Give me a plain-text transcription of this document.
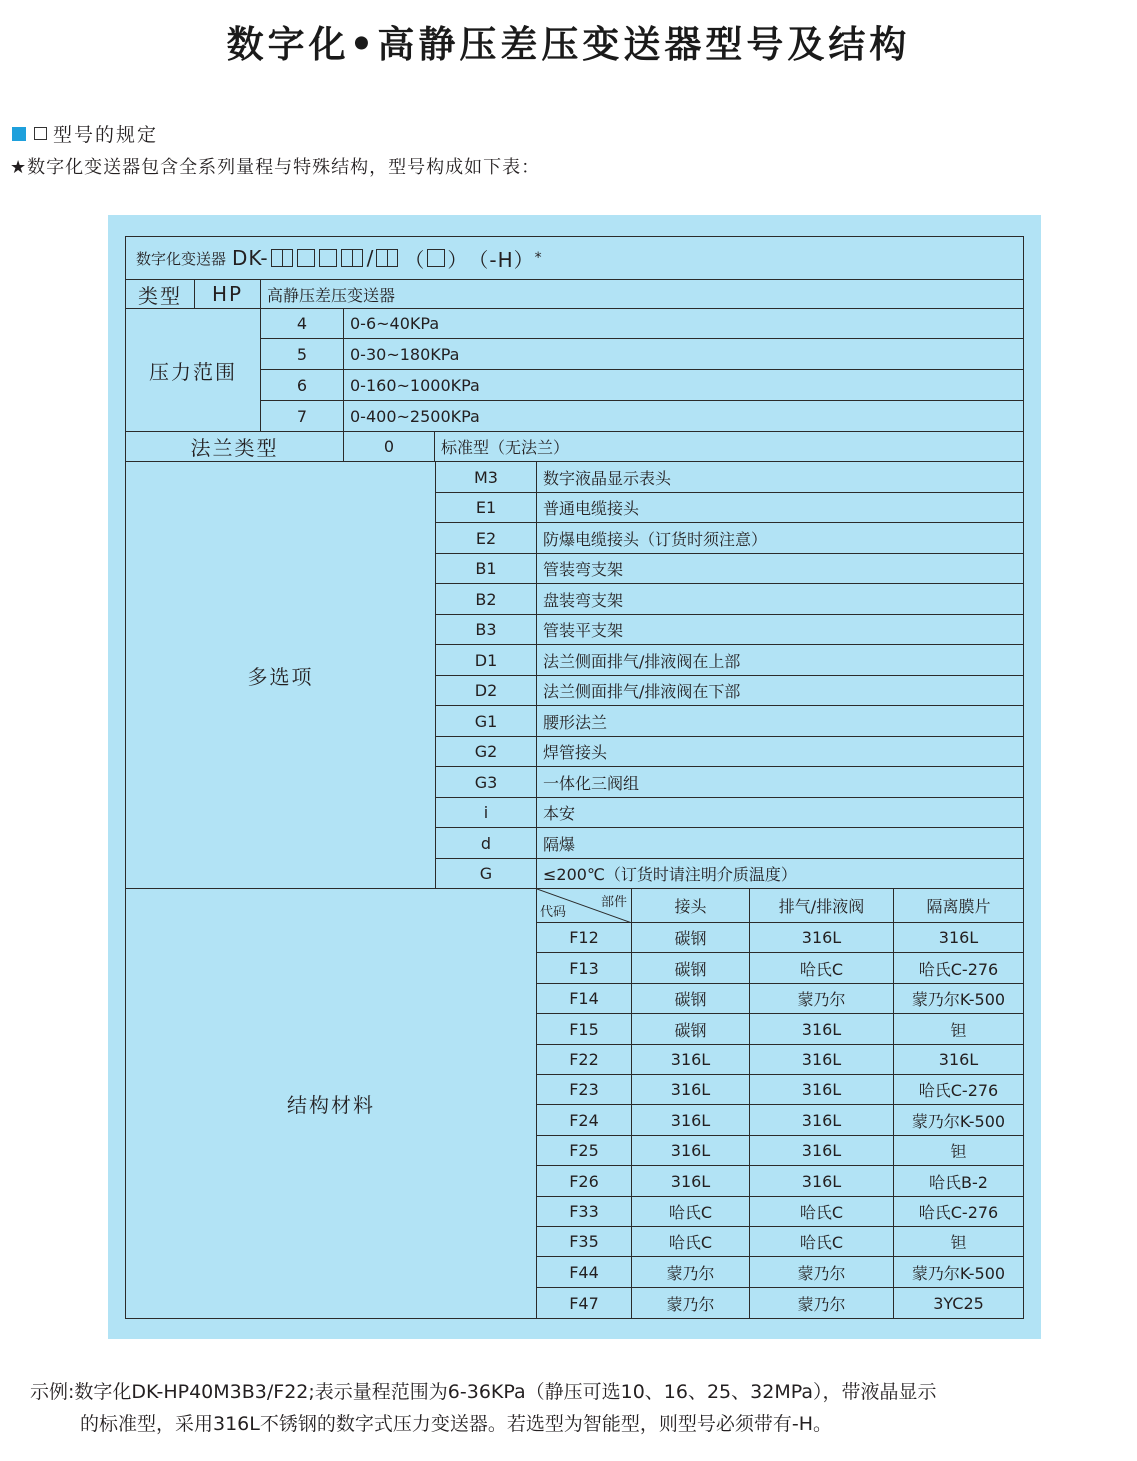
数字化•高静压差压变送器型号及结构
型号的规定
★数字化变送器包含全系列量程与特殊结构，型号构成如下表：
数字化变送器 DK-	/ （ ） （-H） *
类型	HP	高静压差压变送器
压力范围
4	0-6~40KPa
5	0-30~180KPa
6	0-160~1000KPa
7	0-400~2500KPa
法兰类型	0	标准型（无法兰）
多选项
M3	数字液晶显示表头
E1	普通电缆接头
E2	防爆电缆接头（订货时须注意）
B1	管装弯支架
B2	盘装弯支架
B3	管装平支架
D1	法兰侧面排气/排液阀在上部
D2	法兰侧面排气/排液阀在下部
G1	腰形法兰
G2	焊管接头
G3	一体化三阀组
i	本安
d	隔爆
G	≤200℃（订货时请注明介质温度）
结构材料
部件
代码	接头	排气/排液阀	隔离膜片
F12	碳钢	316L	316L
F13	碳钢	哈氏C	哈氏C-276
F14	碳钢	蒙乃尔	蒙乃尔K-500
F15	碳钢	316L	钽
F22	316L	316L	316L
F23	316L	316L	哈氏C-276
F24	316L	316L	蒙乃尔K-500
F25	316L	316L	钽
F26	316L	316L	哈氏B-2
F33	哈氏C	哈氏C	哈氏C-276
F35	哈氏C	哈氏C	钽
F44	蒙乃尔	蒙乃尔	蒙乃尔K-500
F47	蒙乃尔	蒙乃尔	3YC25
示例:数字化DK-HP40M3B3/F22;表示量程范围为6-36KPa（静压可选10、16、25、32MPa），带液晶显示
的标准型，采用316L不锈钢的数字式压力变送器。若选型为智能型，则型号必须带有-H。
